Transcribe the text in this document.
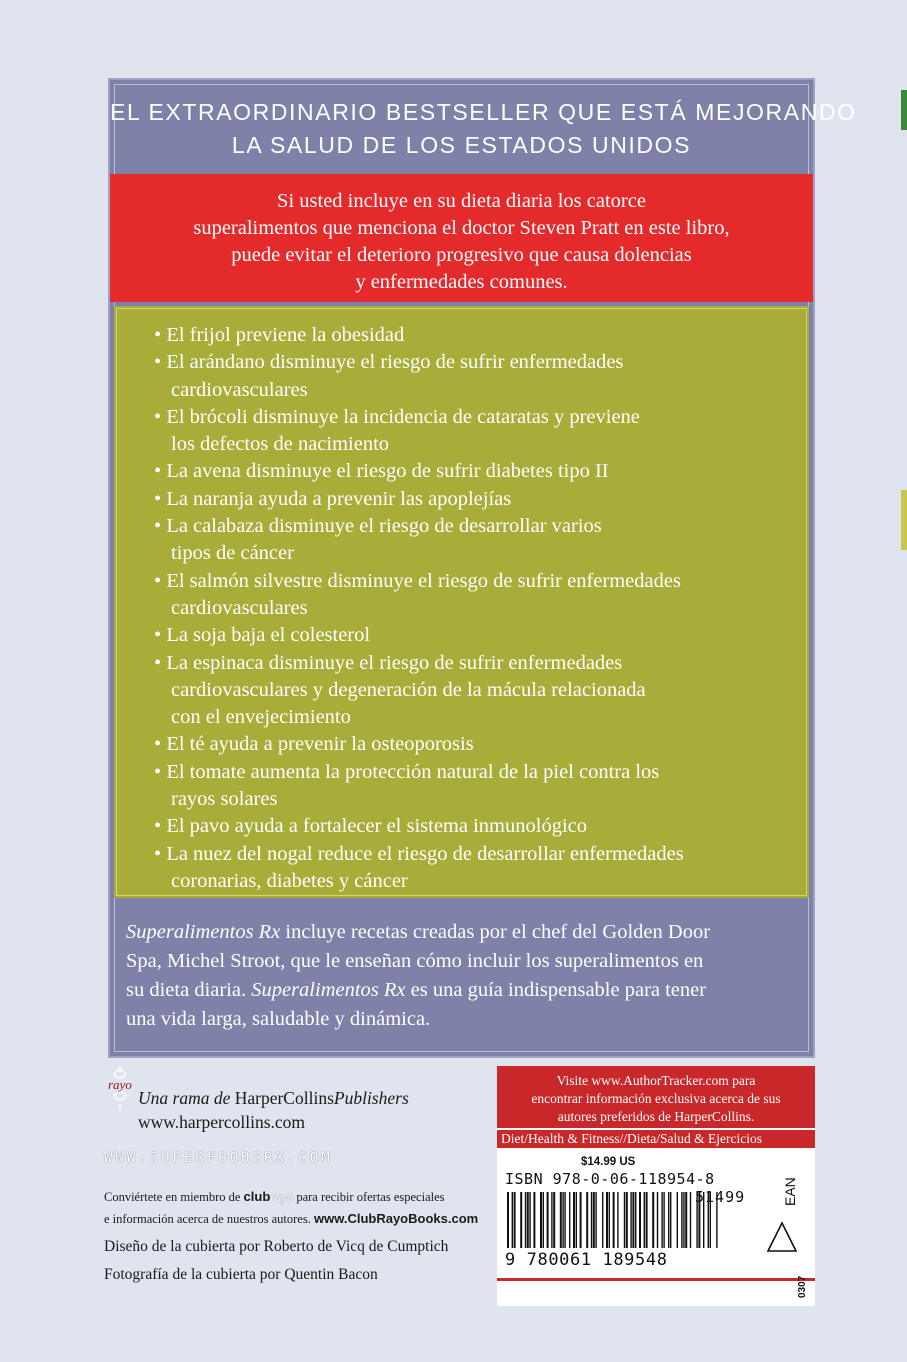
EL EXTRAORDINARIO BESTSELLER QUE ESTÁ MEJORANDO
LA SALUD DE LOS ESTADOS UNIDOS
Si usted incluye en su dieta diaria los catorce
superalimentos que menciona el doctor Steven Pratt en este libro,
puede evitar el deterioro progresivo que causa dolencias
y enfermedades comunes.
• El frijol previene la obesidad
• El arándano disminuye el riesgo de sufrir enfermedades
cardiovasculares
• El brócoli disminuye la incidencia de cataratas y previene
los defectos de nacimiento
• La avena disminuye el riesgo de sufrir diabetes tipo II
• La naranja ayuda a prevenir las apoplejías
• La calabaza disminuye el riesgo de desarrollar varios
tipos de cáncer
• El salmón silvestre disminuye el riesgo de sufrir enfermedades
cardiovasculares
• La soja baja el colesterol
• La espinaca disminuye el riesgo de sufrir enfermedades
cardiovasculares y degeneración de la mácula relacionada
con el envejecimiento
• El té ayuda a prevenir la osteoporosis
• El tomate aumenta la protección natural de la piel contra los
rayos solares
• El pavo ayuda a fortalecer el sistema inmunológico
• La nuez del nogal reduce el riesgo de desarrollar enfermedades
coronarias, diabetes y cáncer
Superalimentos Rx incluye recetas creadas por el chef del Golden Door
Spa, Michel Stroot, que le enseñan cómo incluir los superalimentos en
su dieta diaria. Superalimentos Rx es una guía indispensable para tener
una vida larga, saludable y dinámica.
rayo
Una rama de HarperCollinsPublishers
www.harpercollins.com
WWW.SUPERFOODSRX.COM
Conviértete en miembro de clubrayo para recibir ofertas especiales
e información acerca de nuestros autores. www.ClubRayoBooks.com
Diseño de la cubierta por Roberto de Vicq de Cumptich
Fotografía de la cubierta por Quentin Bacon
Visite www.AuthorTracker.com para
encontrar información exclusiva acerca de sus
autores preferidos de HarperCollins.
Diet/Health & Fitness//Dieta/Salud & Ejercicios
$14.99 US
ISBN 978-0-06-118954-8	EAN
51499
9 780061 189548
0307
